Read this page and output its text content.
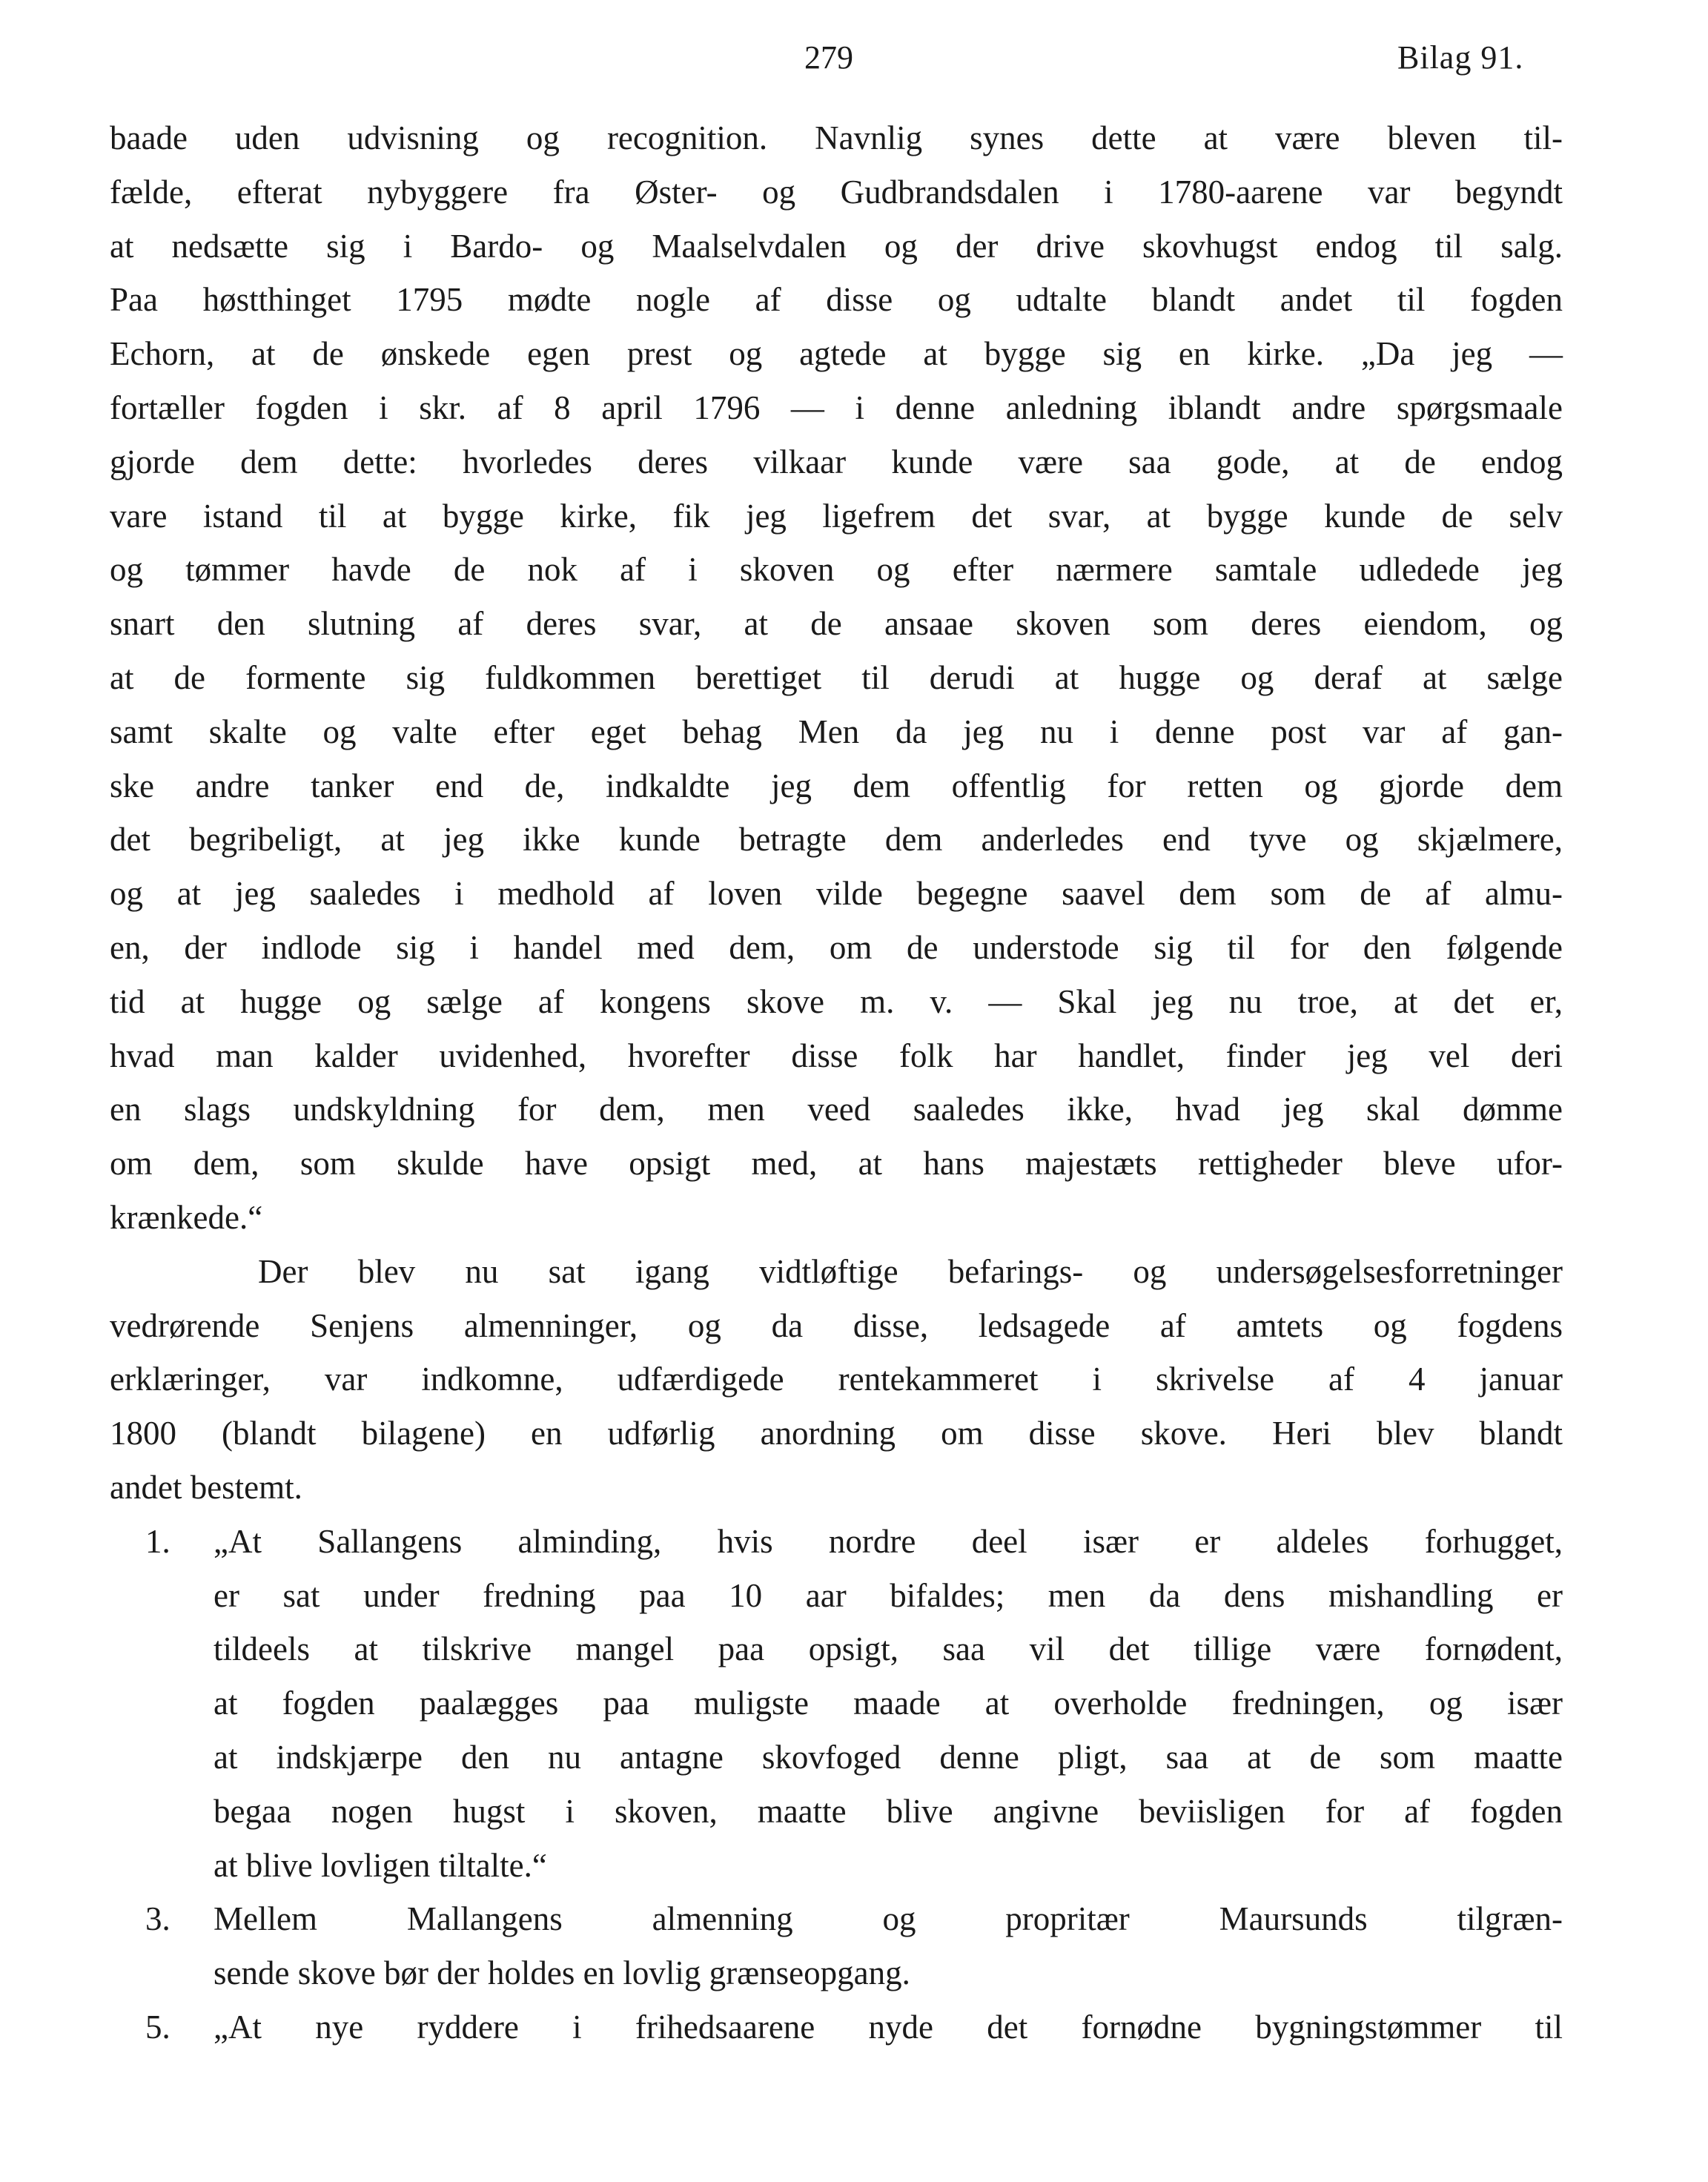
279	Bilag 91.
baade uden udvisning og recognition. Navnlig synes dette at være bleven til-
fælde, efterat nybyggere fra Øster- og Gudbrandsdalen i 1780-aarene var begyndt
at nedsætte sig i Bardo- og Maalselvdalen og der drive skovhugst endog til salg.
Paa høstthinget 1795 mødte nogle af disse og udtalte blandt andet til fogden
Echorn, at de ønskede egen prest og agtede at bygge sig en kirke. „Da jeg —
fortæller fogden i skr. af 8 april 1796 — i denne anledning iblandt andre spørgsmaale
gjorde dem dette: hvorledes deres vilkaar kunde være saa gode, at de endog
vare istand til at bygge kirke, fik jeg ligefrem det svar, at bygge kunde de selv
og tømmer havde de nok af i skoven og efter nærmere samtale udledede jeg
snart den slutning af deres svar, at de ansaae skoven som deres eiendom, og
at de formente sig fuldkommen berettiget til derudi at hugge og deraf at sælge
samt skalte og valte efter eget behag Men da jeg nu i denne post var af gan-
ske andre tanker end de, indkaldte jeg dem offentlig for retten og gjorde dem
det begribeligt, at jeg ikke kunde betragte dem anderledes end tyve og skjælmere,
og at jeg saaledes i medhold af loven vilde begegne saavel dem som de af almu-
en, der indlode sig i handel med dem, om de understode sig til for den følgende
tid at hugge og sælge af kongens skove m. v. — Skal jeg nu troe, at det er,
hvad man kalder uvidenhed, hvorefter disse folk har handlet, finder jeg vel deri
en slags undskyldning for dem, men veed saaledes ikke, hvad jeg skal dømme
om dem, som skulde have opsigt med, at hans majestæts rettigheder bleve ufor-
krænkede.“
Der blev nu sat igang vidtløftige befarings- og undersøgelsesforretninger
vedrørende Senjens almenninger, og da disse, ledsagede af amtets og fogdens
erklæringer, var indkomne, udfærdigede rentekammeret i skrivelse af 4 januar
1800 (blandt bilagene) en udførlig anordning om disse skove. Heri blev blandt
andet bestemt.
1. „At Sallangens alminding, hvis nordre deel især er aldeles forhugget,
er sat under fredning paa 10 aar bifaldes; men da dens mishandling er
tildeels at tilskrive mangel paa opsigt, saa vil det tillige være fornødent,
at fogden paalægges paa muligste maade at overholde fredningen, og især
at indskjærpe den nu antagne skovfoged denne pligt, saa at de som maatte
begaa nogen hugst i skoven, maatte blive angivne beviisligen for af fogden
at blive lovligen tiltalte.“
3. Mellem Mallangens almenning og propritær Maursunds tilgræn-
sende skove bør der holdes en lovlig grænseopgang.
5. „At nye ryddere i frihedsaarene nyde det fornødne bygningstømmer til
